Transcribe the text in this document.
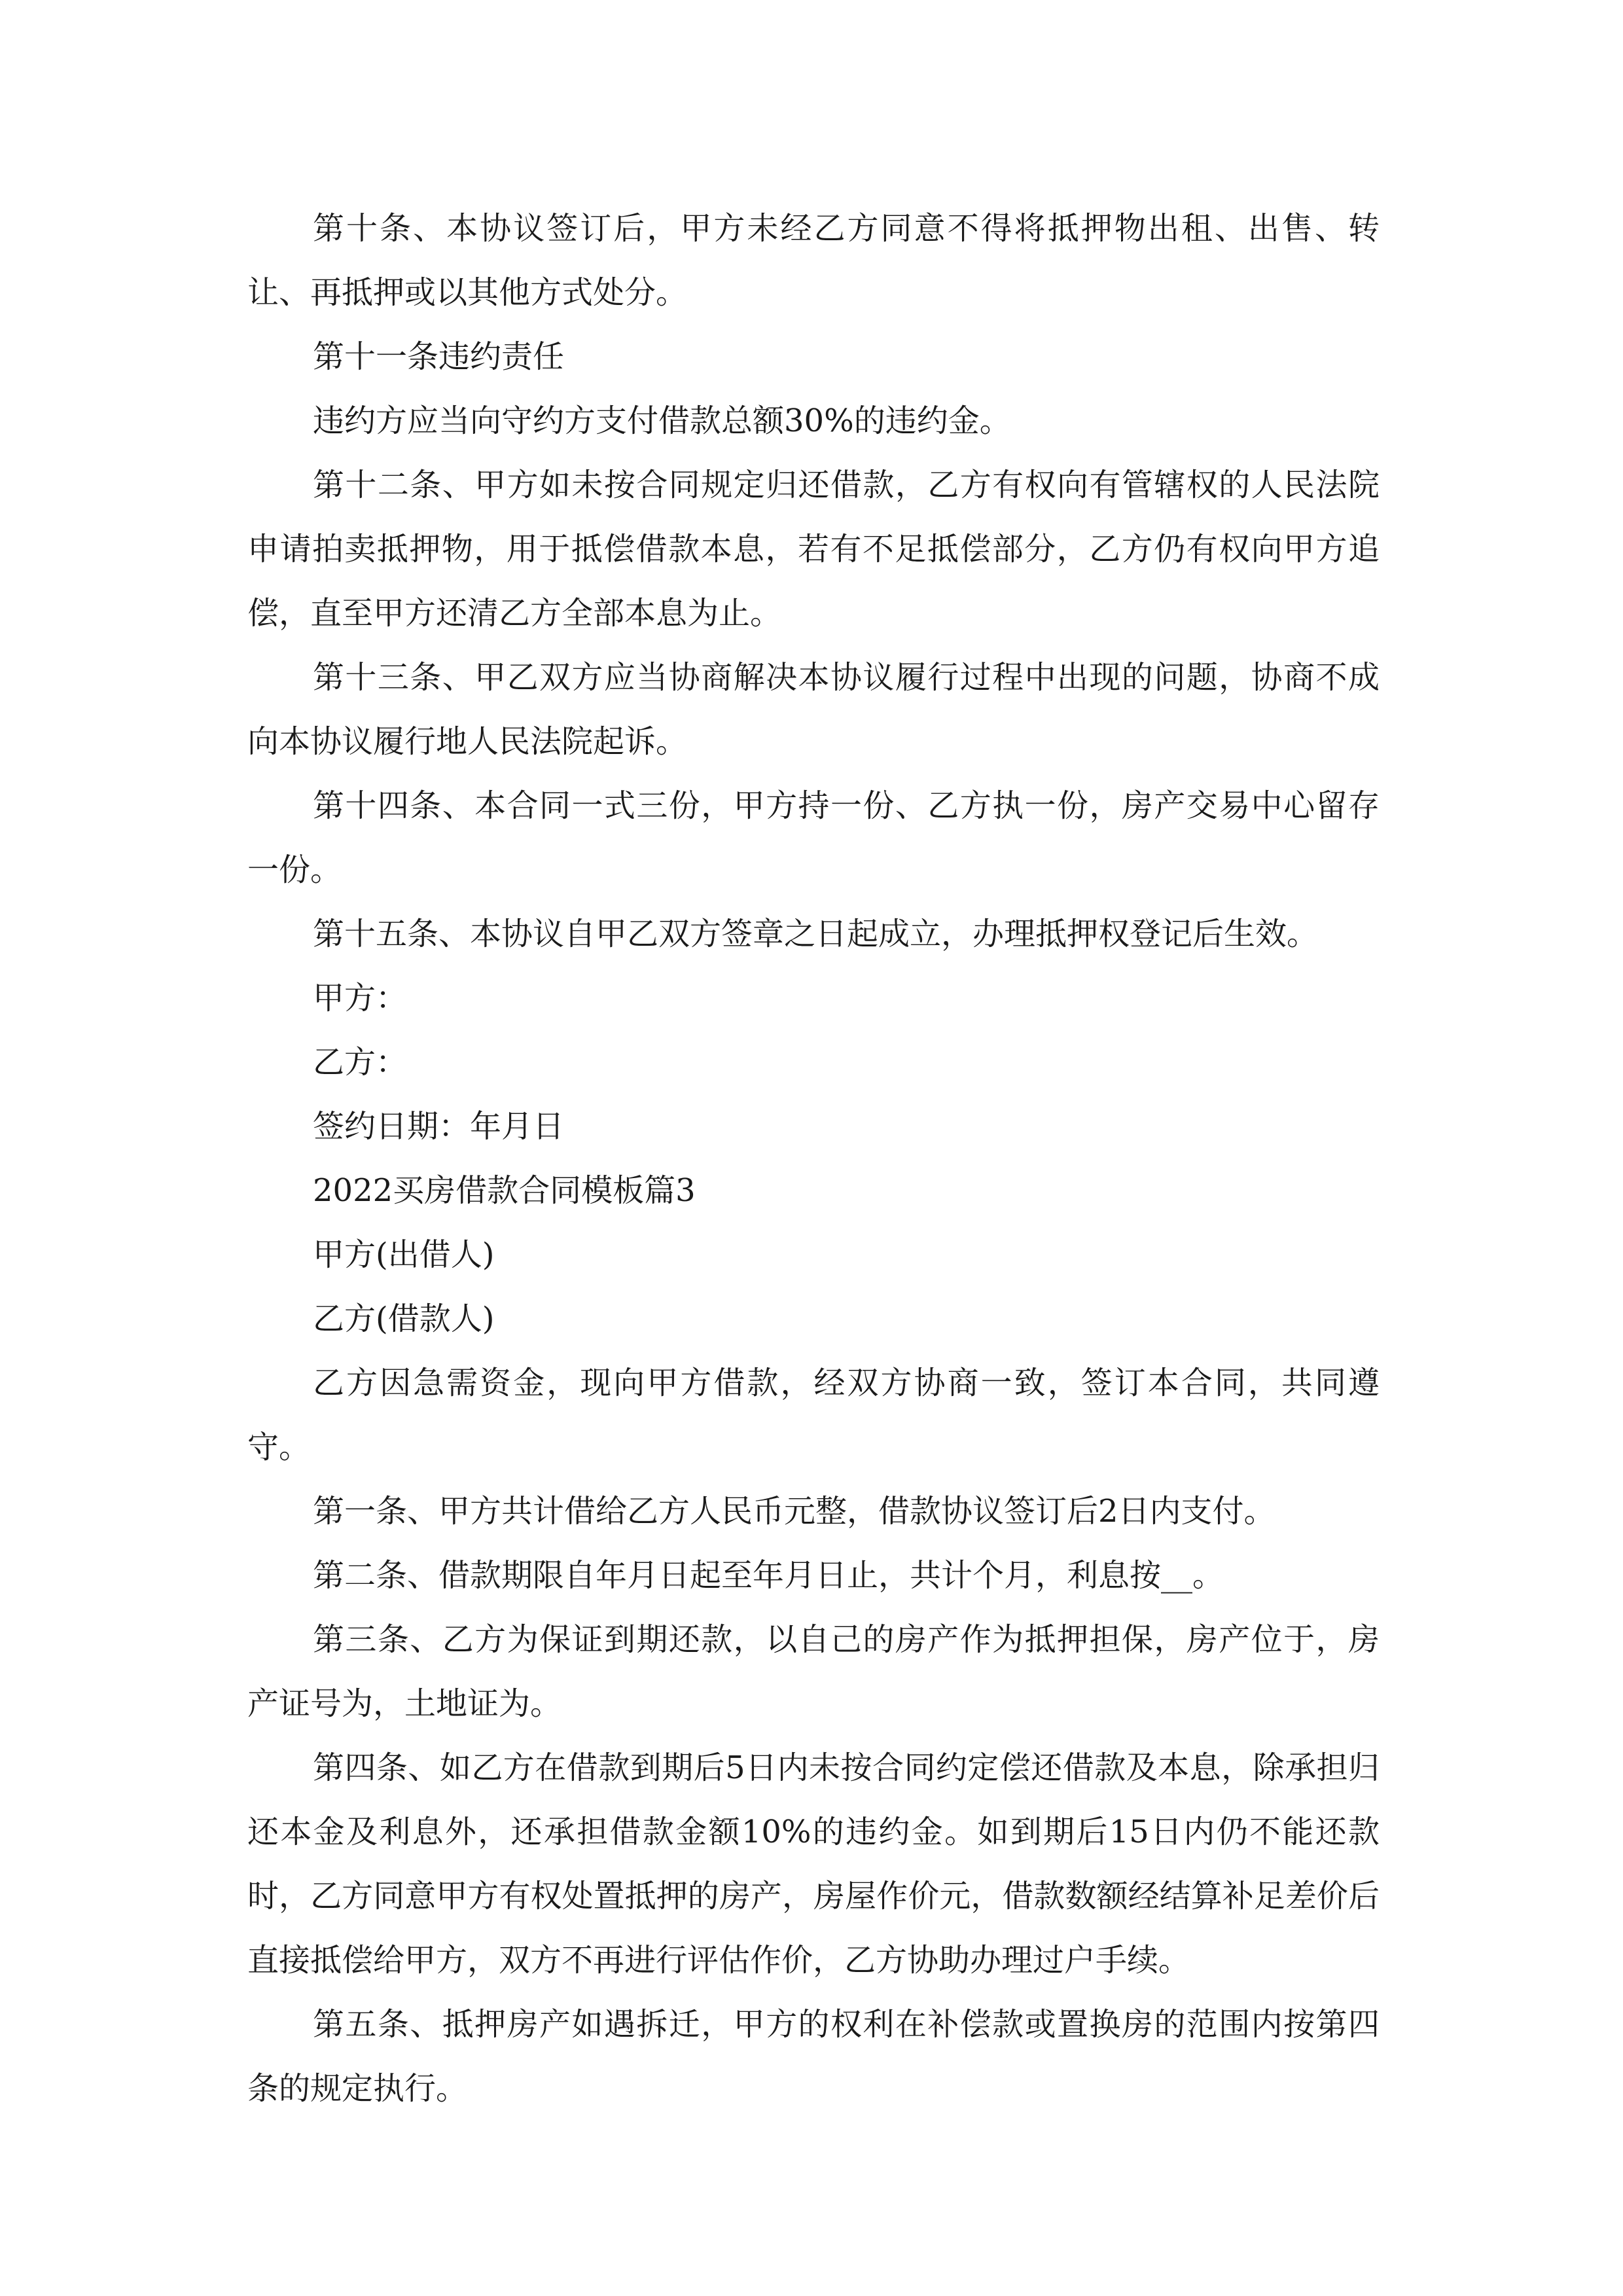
第十条、本协议签订后，甲方未经乙方同意不得将抵押物出租、出售、转让、再抵押或以其他方式处分。

第十一条违约责任

违约方应当向守约方支付借款总额30%的违约金。

第十二条、甲方如未按合同规定归还借款，乙方有权向有管辖权的人民法院申请拍卖抵押物，用于抵偿借款本息，若有不足抵偿部分，乙方仍有权向甲方追偿，直至甲方还清乙方全部本息为止。

第十三条、甲乙双方应当协商解决本协议履行过程中出现的问题，协商不成向本协议履行地人民法院起诉。

第十四条、本合同一式三份，甲方持一份、乙方执一份，房产交易中心留存一份。

第十五条、本协议自甲乙双方签章之日起成立，办理抵押权登记后生效。

甲方：

乙方：

签约日期：年月日

2022买房借款合同模板篇3

甲方(出借人)

乙方(借款人)

乙方因急需资金，现向甲方借款，经双方协商一致，签订本合同，共同遵守。

第一条、甲方共计借给乙方人民币元整，借款协议签订后2日内支付。

第二条、借款期限自年月日起至年月日止，共计个月，利息按__。

第三条、乙方为保证到期还款，以自己的房产作为抵押担保，房产位于，房产证号为，土地证为。

第四条、如乙方在借款到期后5日内未按合同约定偿还借款及本息，除承担归还本金及利息外，还承担借款金额10%的违约金。如到期后15日内仍不能还款时，乙方同意甲方有权处置抵押的房产，房屋作价元，借款数额经结算补足差价后直接抵偿给甲方，双方不再进行评估作价，乙方协助办理过户手续。

第五条、抵押房产如遇拆迁，甲方的权利在补偿款或置换房的范围内按第四条的规定执行。
